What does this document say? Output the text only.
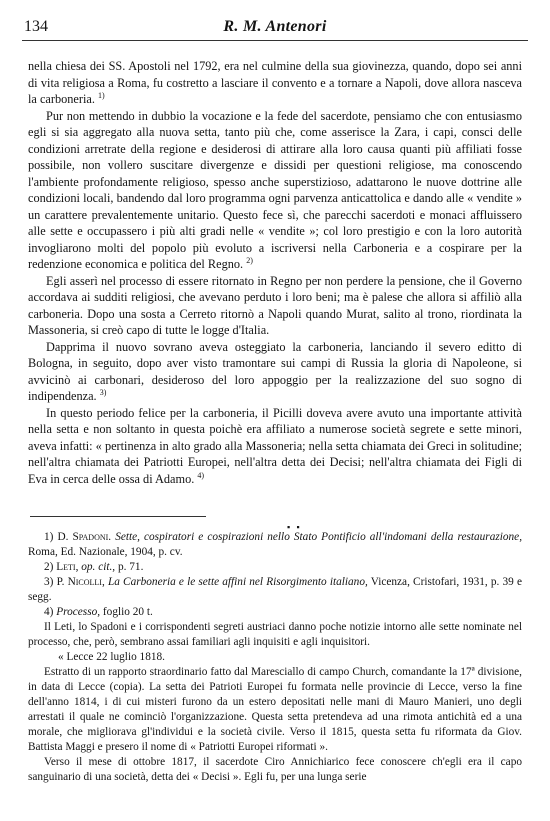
134	R. M. Antenori

nella chiesa dei SS. Apostoli nel 1792, era nel culmine della sua giovinezza, quando, dopo sei anni di vita religiosa a Roma, fu costretto a lasciare il convento e a tornare a Napoli, dove allora nasceva la carboneria. $^{1)}$

Pur non mettendo in dubbio la vocazione e la fede del sacerdote, pensiamo che con entusiasmo egli si sia aggregato alla nuova setta, tanto più che, come asserisce la Zara, i capi, consci delle condizioni arretrate della regione e desiderosi di attirare alla loro causa quanti più affiliati fosse possibile, non vollero suscitare divergenze e dissidi per questioni religiose, ma conoscendo l'ambiente profondamente religioso, spesso anche superstizioso, adattarono le nuove dottrine alle condizioni locali, bandendo dal loro programma ogni parvenza anticattolica e dando alle « vendite » un carattere prevalentemente unitario. Questo fece sì, che parecchi sacerdoti e monaci affluissero alle sette e occupassero i più alti gradi nelle « vendite »; col loro prestigio e con la loro autorità invogliarono molti del popolo più evoluto a iscriversi nella Carboneria e a cospirare per la redenzione economica e politica del Regno. $^{2)}$

Egli asserì nel processo di essere ritornato in Regno per non perdere la pensione, che il Governo accordava ai sudditi religiosi, che avevano perduto i loro beni; ma è palese che allora si affiliò alla carboneria. Dopo una sosta a Cerreto ritornò a Napoli quando Murat, salito al trono, riordinata la Massoneria, si creò capo di tutte le logge d'Italia.

Dapprima il nuovo sovrano aveva osteggiato la carboneria, lanciando il severo editto di Bologna, in seguito, dopo aver visto tramontare sui campi di Russia la gloria di Napoleone, si avvicinò ai carbonari, desideroso del loro appoggio per la realizzazione del suo sogno di indipendenza. $^{3)}$

In questo periodo felice per la carboneria, il Picilli doveva avere avuto una importante attività nella setta e non soltanto in questa poichè era affiliato a numerose società segrete e sette minori, aveva infatti: « pertinenza in alto grado alla Massoneria; nella setta chiamata dei Greci in solitudine; nell'altra chiamata dei Patriotti Europei, nell'altra detta dei Decisi; nell'altra chiamata dei Figli di Eva in cerca delle ossa di Adamo. $^{4)}$

▪ ▪

1) D. Spadoni. Sette, cospiratori e cospirazioni nello Stato Pontificio all'indomani della restaurazione, Roma, Ed. Nazionale, 1904, p. cv.

2) Leti, op. cit., p. 71.

3) P. Nicolli, La Carboneria e le sette affini nel Risorgimento italiano, Vicenza, Cristofari, 1931, p. 39 e segg.

4) Processo, foglio 20 t.

Il Leti, lo Spadoni e i corrispondenti segreti austriaci danno poche notizie intorno alle sette nominate nel processo, che, però, sembrano assai familiari agli inquisiti e agli inquisitori.

« Lecce 22 luglio 1818.

Estratto di un rapporto straordinario fatto dal Maresciallo di campo Church, comandante la 17ª divisione, in data di Lecce (copia). La setta dei Patrioti Europei fu formata nelle provincie di Lecce, verso la fine dell'anno 1814, i di cui misteri furono da un estero depositati nelle mani di Mauro Manieri, uno degli arrestati il quale ne cominciò l'organizzazione. Questa setta pretendeva ad una rimota antichità ed a una morale, che migliorava gl'individui e la società civile. Verso il 1815, questa setta fu riformata da Giov. Battista Maggi e presero il nome di « Patriotti Europei riformati ».

Verso il mese di ottobre 1817, il sacerdote Ciro Annichiarico fece conoscere ch'egli era il capo sanguinario di una società, detta dei « Decisi ». Egli fu, per una lunga serie
